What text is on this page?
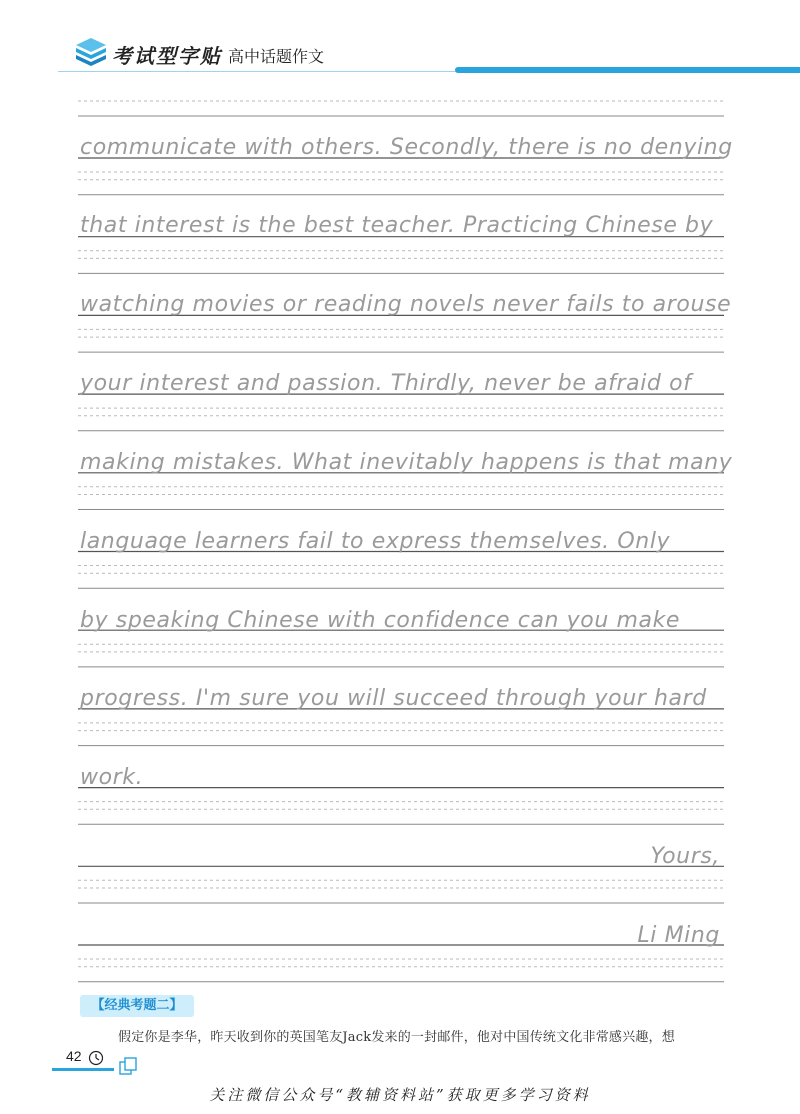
考试型字贴 高中话题作文
communicate with others. Secondly, there is no denying
that interest is the best teacher. Practicing Chinese by
watching movies or reading novels never fails to arouse
your interest and passion. Thirdly, never be afraid of
making mistakes. What inevitably happens is that many
language learners fail to express themselves. Only
by speaking Chinese with confidence can you make
progress. I'm sure you will succeed through your hard
work.
Yours,
Li Ming
【经典考题二】
假定你是李华，昨天收到你的英国笔友Jack发来的一封邮件，他对中国传统文化非常感兴趣，想
42
关注微信公众号“教辅资料站”获取更多学习资料
